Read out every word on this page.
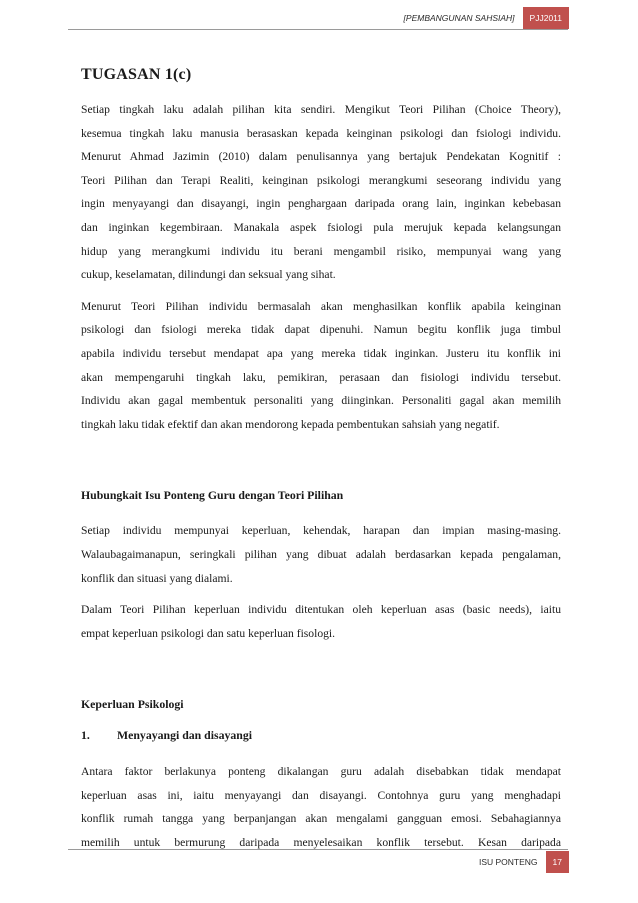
[PEMBANGUNAN SAHSIAH]	PJJ2011
TUGASAN 1(c)
Setiap tingkah laku adalah pilihan kita sendiri. Mengikut Teori Pilihan (Choice Theory),
kesemua tingkah laku manusia berasaskan kepada keinginan psikologi dan fsiologi individu.
Menurut Ahmad Jazimin (2010) dalam penulisannya yang bertajuk Pendekatan Kognitif :
Teori Pilihan dan Terapi Realiti, keinginan psikologi merangkumi seseorang individu yang
ingin menyayangi dan disayangi, ingin penghargaan daripada orang lain, inginkan kebebasan
dan inginkan kegembiraan. Manakala aspek fsiologi pula merujuk kepada kelangsungan
hidup yang merangkumi individu itu berani mengambil risiko, mempunyai wang yang
cukup, keselamatan, dilindungi dan seksual yang sihat.
Menurut Teori Pilihan individu bermasalah akan menghasilkan konflik apabila keinginan
psikologi dan fsiologi mereka tidak dapat dipenuhi. Namun begitu konflik juga timbul
apabila individu tersebut mendapat apa yang mereka tidak inginkan. Justeru itu konflik ini
akan mempengaruhi tingkah laku, pemikiran, perasaan dan fisiologi individu tersebut.
Individu akan gagal membentuk personaliti yang diinginkan. Personaliti gagal akan memilih
tingkah laku tidak efektif dan akan mendorong kepada pembentukan sahsiah yang negatif.
Hubungkait Isu Ponteng Guru dengan Teori Pilihan
Setiap individu mempunyai keperluan, kehendak, harapan dan impian masing-masing.
Walaubagaimanapun, seringkali pilihan yang dibuat adalah berdasarkan kepada pengalaman,
konflik dan situasi yang dialami.
Dalam Teori Pilihan keperluan individu ditentukan oleh keperluan asas (basic needs), iaitu
empat keperluan psikologi dan satu keperluan fisologi.
Keperluan Psikologi
1.	Menyayangi dan disayangi
Antara faktor berlakunya ponteng dikalangan guru adalah disebabkan tidak mendapat
keperluan asas ini, iaitu menyayangi dan disayangi. Contohnya guru yang menghadapi
konflik rumah tangga yang berpanjangan akan mengalami gangguan emosi. Sebahagiannya
memilih untuk bermurung daripada menyelesaikan konflik tersebut. Kesan daripada
ISU PONTENG	17
